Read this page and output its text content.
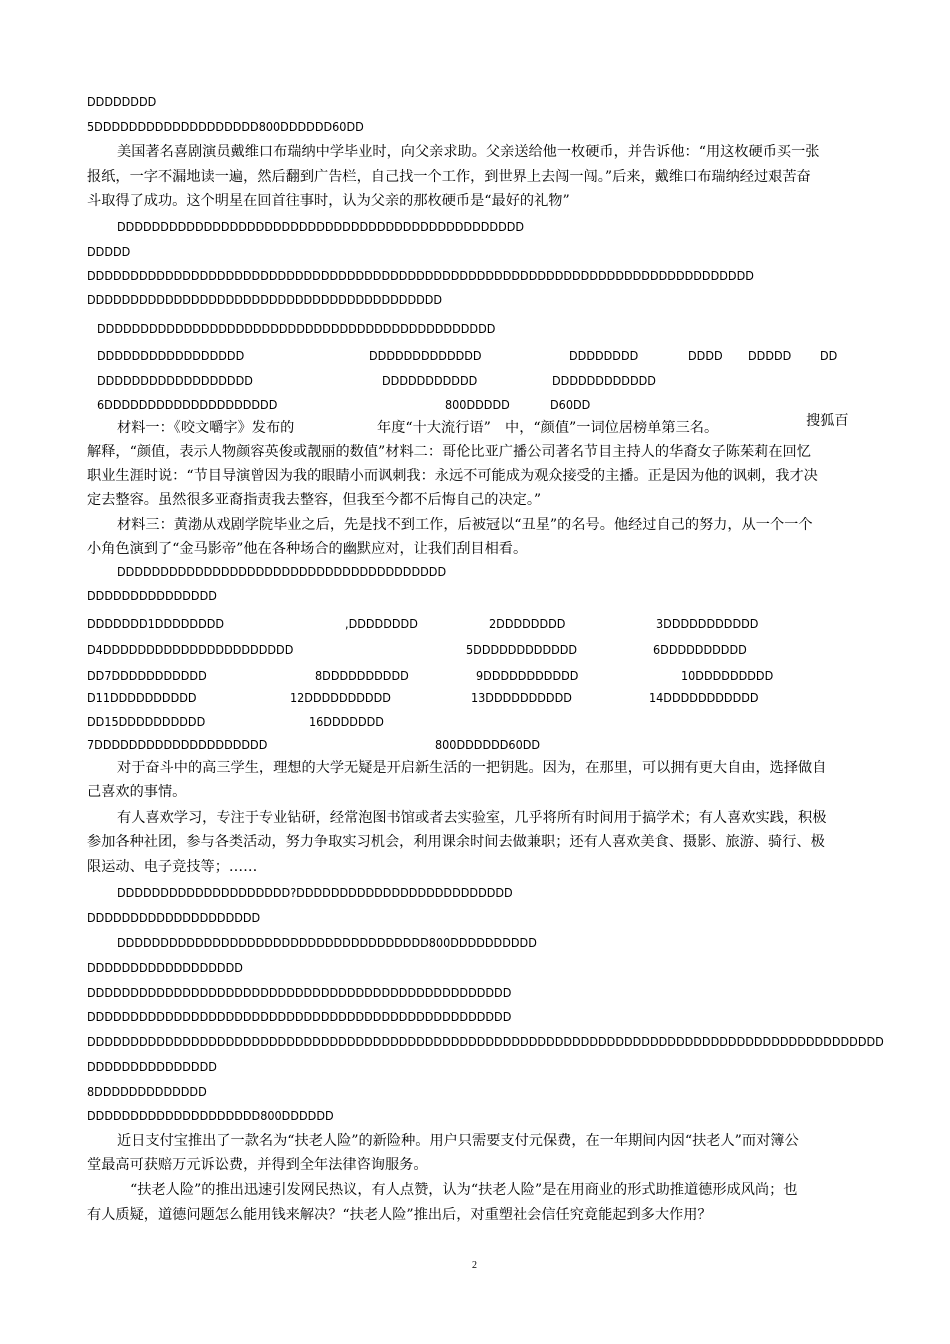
DDDDDDDD
5DDDDDDDDDDDDDDDDDDD800DDDDDD60DD
美国著名喜剧演员戴维口布瑞纳中学毕业时，向父亲求助。父亲送给他一枚硬币，并告诉他：“用这枚硬币买一张
报纸，一字不漏地读一遍，然后翻到广告栏，自己找一个工作，到世界上去闯一闯。”后来，戴维口布瑞纳经过艰苦奋
斗取得了成功。这个明星在回首往事时，认为父亲的那枚硬币是“最好的礼物”
DDDDDDDDDDDDDDDDDDDDDDDDDDDDDDDDDDDDDDDDDDDDDDD
DDDDD
DDDDDDDDDDDDDDDDDDDDDDDDDDDDDDDDDDDDDDDDDDDDDDDDDDDDDDDDDDDDDDDDDDDDDDDDDDDDD
DDDDDDDDDDDDDDDDDDDDDDDDDDDDDDDDDDDDDDDDD
DDDDDDDDDDDDDDDDDDDDDDDDDDDDDDDDDDDDDDDDDDDDDD
DDDDDDDDDDDDDDDDD	DDDDDDDDDDDDD	DDDDDDDD	DDDD DDDDD DD
DDDDDDDDDDDDDDDDDD	DDDDDDDDDDD	DDDDDDDDDDDD
6DDDDDDDDDDDDDDDDDDDD	800DDDDD	D60DD
材料一：《咬文嚼字》发布的	年度“十大流行语”　中，“颜值”一词位居榜单第三名。	搜狐百
解释，“颜值，表示人物颜容英俊或靓丽的数值”材料二：哥伦比亚广播公司著名节目主持人的华裔女子陈茱莉在回忆
职业生涯时说：“节目导演曾因为我的眼睛小而讽刺我：永远不可能成为观众接受的主播。正是因为他的讽刺，我才决
定去整容。虽然很多亚裔指责我去整容，但我至今都不后悔自己的决定。”
材料三：黄渤从戏剧学院毕业之后，先是找不到工作，后被冠以“丑星”的名号。他经过自己的努力，从一个一个
小角色演到了“金马影帝”他在各种场合的幽默应对，让我们刮目相看。
DDDDDDDDDDDDDDDDDDDDDDDDDDDDDDDDDDDDDD
DDDDDDDDDDDDDDD
DDDDDDD1DDDDDDDD	,DDDDDDDD	2DDDDDDDD	3DDDDDDDDDDD
D4DDDDDDDDDDDDDDDDDDDDDD	5DDDDDDDDDDDD	6DDDDDDDDDD
DD7DDDDDDDDDDD	8DDDDDDDDDD	9DDDDDDDDDDD	10DDDDDDDDD
D11DDDDDDDDDD	12DDDDDDDDDD	13DDDDDDDDDD	14DDDDDDDDDDD
DD15DDDDDDDDDD	16DDDDDDD
7DDDDDDDDDDDDDDDDDDDD	800DDDDDD60DD
对于奋斗中的高三学生，理想的大学无疑是开启新生活的一把钥匙。因为，在那里，可以拥有更大自由，选择做自
己喜欢的事情。
有人喜欢学习，专注于专业钻研，经常泡图书馆或者去实验室，几乎将所有时间用于搞学术；有人喜欢实践，积极
参加各种社团，参与各类活动，努力争取实习机会，利用课余时间去做兼职；还有人喜欢美食、摄影、旅游、骑行、极
限运动、电子竞技等；……
DDDDDDDDDDDDDDDDDDDD?DDDDDDDDDDDDDDDDDDDDDDDDD
DDDDDDDDDDDDDDDDDDDD
DDDDDDDDDDDDDDDDDDDDDDDDDDDDDDDDDDDD800DDDDDDDDDD
DDDDDDDDDDDDDDDDDD
DDDDDDDDDDDDDDDDDDDDDDDDDDDDDDDDDDDDDDDDDDDDDDDDD
DDDDDDDDDDDDDDDDDDDDDDDDDDDDDDDDDDDDDDDDDDDDDDDDD
DDDDDDDDDDDDDDDDDDDDDDDDDDDDDDDDDDDDDDDDDDDDDDDDDDDDDDDDDDDDDDDDDDDDDDDDDDDDDDDDDDDDDDDDDDDD
DDDDDDDDDDDDDDD
8DDDDDDDDDDDDD
DDDDDDDDDDDDDDDDDDDD800DDDDDD
近日支付宝推出了一款名为“扶老人险”的新险种。用户只需要支付元保费，在一年期间内因“扶老人”而对簿公
堂最高可获赔万元诉讼费，并得到全年法律咨询服务。
“扶老人险”的推出迅速引发网民热议，有人点赞，认为“扶老人险”是在用商业的形式助推道德形成风尚；也
有人质疑，道德问题怎么能用钱来解决？“扶老人险”推出后，对重塑社会信任究竟能起到多大作用？
2
